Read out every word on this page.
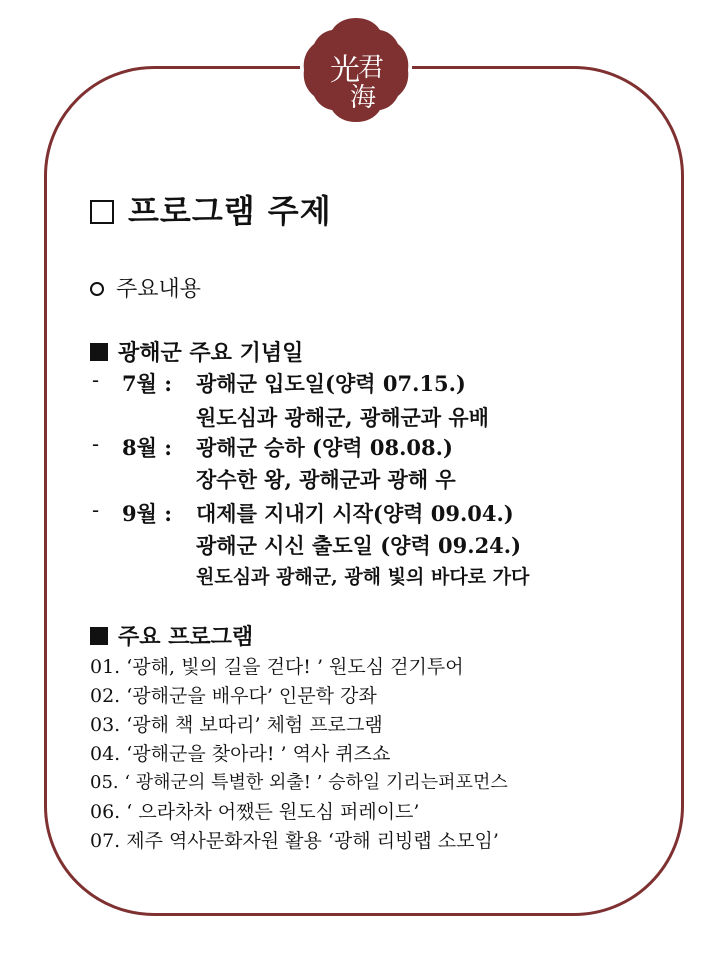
光
海
君
프로그램 주제
주요내용
광해군 주요 기념일
- 7월 : 광해군 입도일(양력 07.15.)
원도심과 광해군, 광해군과 유배
- 8월 : 광해군 승하 (양력 08.08.)
장수한 왕, 광해군과 광해 우
- 9월 : 대제를 지내기 시작(양력 09.04.)
광해군 시신 출도일 (양력 09.24.)
원도심과 광해군, 광해 빛의 바다로 가다
주요 프로그램
01. ‘광해, 빛의 길을 걷다! ’ 원도심 걷기투어
02. ‘광해군을 배우다’ 인문학 강좌
03. ‘광해 책 보따리’ 체험 프로그램
04. ‘광해군을 찾아라! ’ 역사 퀴즈쇼
05. ‘ 광해군의 특별한 외출! ’ 승하일 기리는퍼포먼스
06. ‘ 으라차차 어쨌든 원도심 퍼레이드’
07. 제주 역사문화자원 활용 ‘광해 리빙랩 소모임’
